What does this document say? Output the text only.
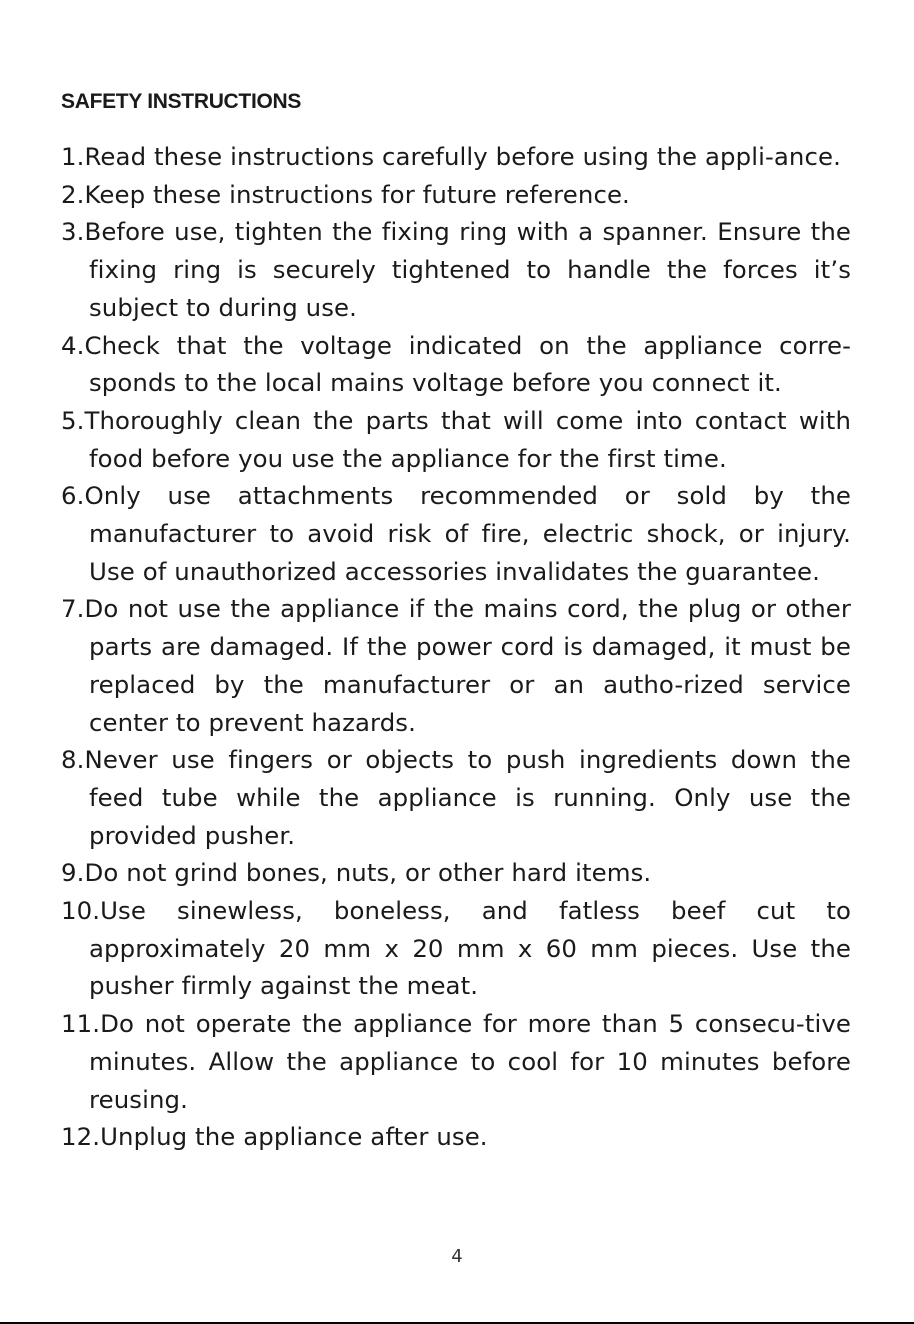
SAFETY INSTRUCTIONS
1.Read these instructions carefully before using the appli-ance.
2.Keep these instructions for future reference.
3.Before use, tighten the fixing ring with a spanner. Ensure the fixing ring is securely tightened to handle the forces it’s subject to during use.
4.Check that the voltage indicated on the appliance corre-sponds to the local mains voltage before you connect it.
5.Thoroughly clean the parts that will come into contact with food before you use the appliance for the first time.
6.Only use attachments recommended or sold by the manufacturer to avoid risk of fire, electric shock, or injury. Use of unauthorized accessories invalidates the guarantee.
7.Do not use the appliance if the mains cord, the plug or other parts are damaged. If the power cord is damaged, it must be replaced by the manufacturer or an autho-rized service center to prevent hazards.
8.Never use fingers or objects to push ingredients down the feed tube while the appliance is running. Only use the provided pusher.
9.Do not grind bones, nuts, or other hard items.
10.Use sinewless, boneless, and fatless beef cut to approximately 20 mm x 20 mm x 60 mm pieces. Use the pusher firmly against the meat.
11.Do not operate the appliance for more than 5 consecu-tive minutes. Allow the appliance to cool for 10 minutes before reusing.
12.Unplug the appliance after use.
4
